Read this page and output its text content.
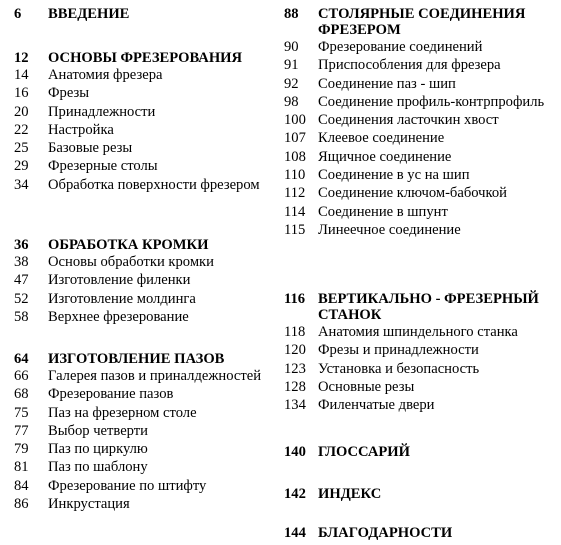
6	ВВЕДЕНИЕ
12	ОСНОВЫ ФРЕЗЕРОВАНИЯ
14 Анатомия фрезера
16 Фрезы
20 Принадлежности
22 Настройка
25 Базовые резы
29 Фрезерные столы
34 Обработка поверхности фрезером
36	ОБРАБОТКА КРОМКИ
38 Основы обработки кромки
47 Изготовление филенки
52 Изготовление молдинга
58 Верхнее фрезерование
64	ИЗГОТОВЛЕНИЕ ПАЗОВ
66 Галерея пазов и приналдежностей
68 Фрезерование пазов
75 Паз на фрезерном столе
77 Выбор четверти
79 Паз по циркулю
81 Паз по шаблону
84 Фрезерование по штифту
86 Инкрустация
88	СТОЛЯРНЫЕ СОЕДИНЕНИЯ ФРЕЗЕРОМ
90 Фрезерование соединений
91 Приспособления для фрезера
92 Соединение паз - шип
98 Соединение профиль-контрпрофиль
100 Соединения ласточкин хвост
107 Клеевое соединение
108 Ящичное соединение
110 Соединение в ус на шип
112 Соединение ключом-бабочкой
114 Соединение в шпунт
115 Линеечное соединение
116 ВЕРТИКАЛЬНО - ФРЕЗЕРНЫЙ СТАНОК
118 Анатомия шпиндельного станка
120 Фрезы и принадлежности
123 Установка и безопасность
128 Основные резы
134 Филенчатые двери
140 ГЛОССАРИЙ
142 ИНДЕКС
144 БЛАГОДАРНОСТИ
